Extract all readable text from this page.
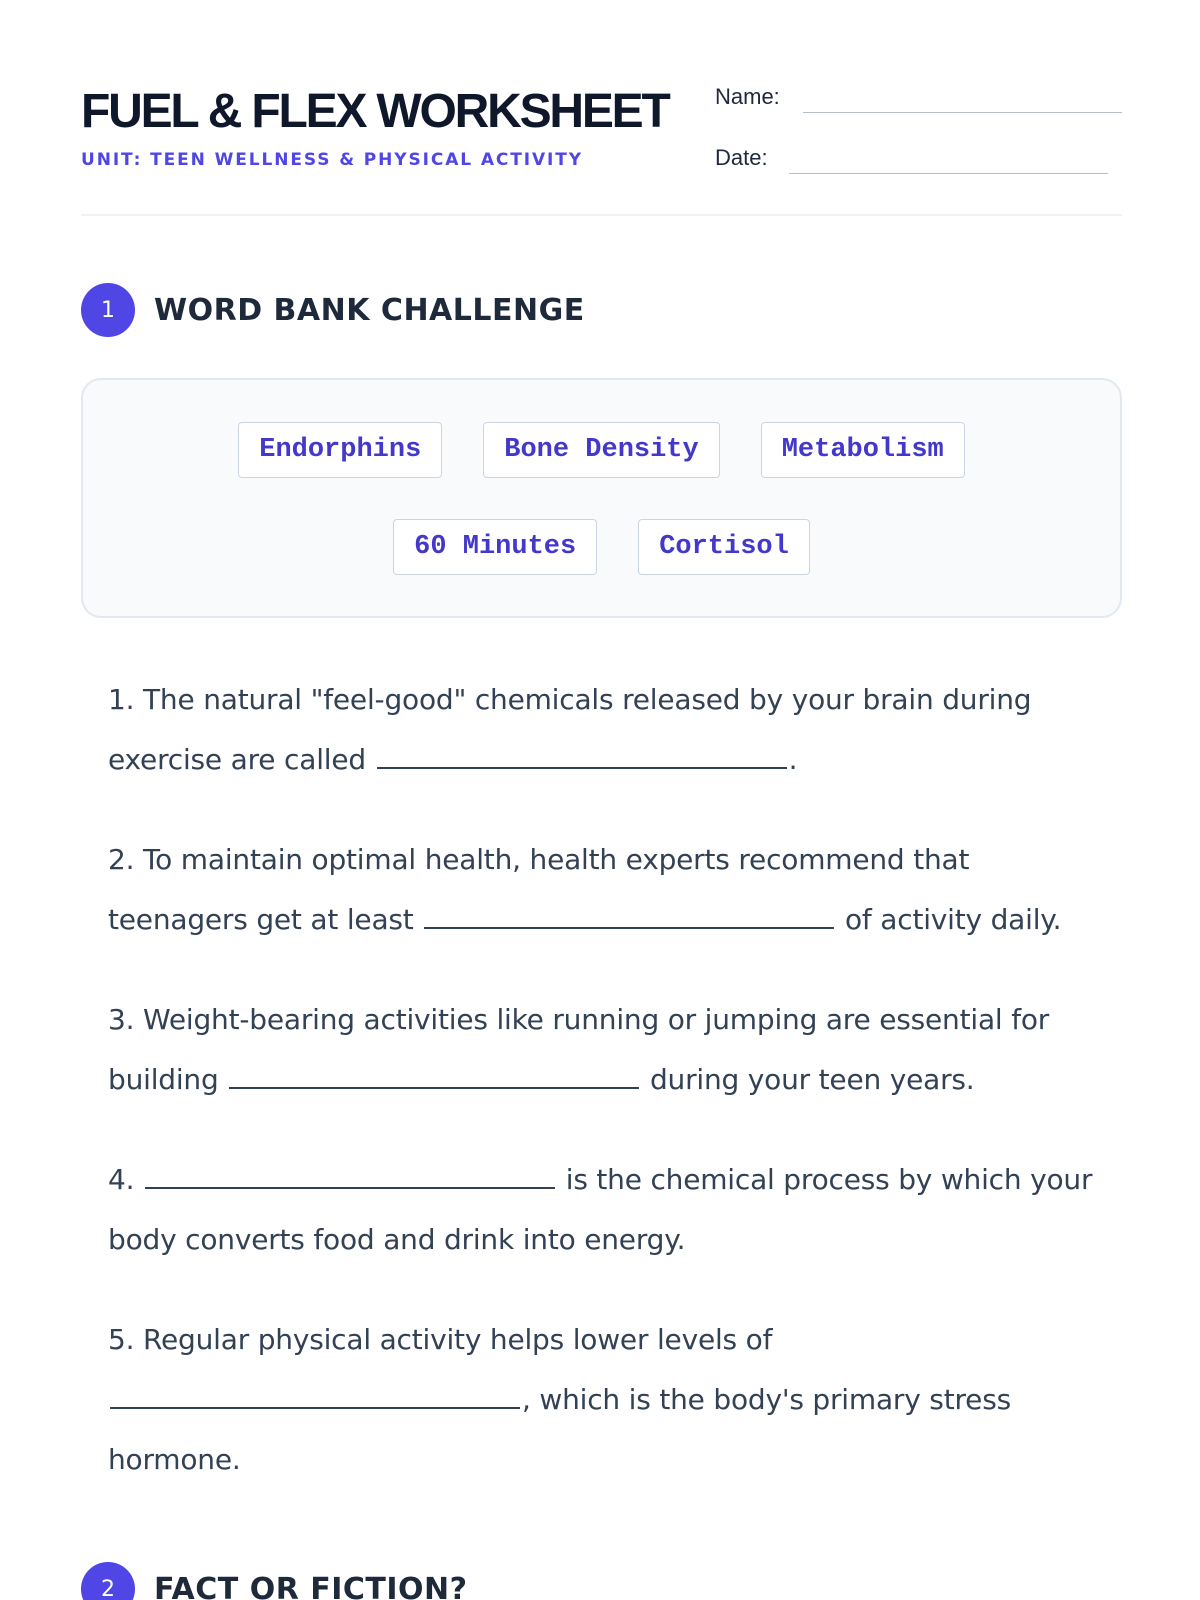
FUEL & FLEX WORKSHEET
UNIT: TEEN WELLNESS & PHYSICAL ACTIVITY
Name:
Date:
1	WORD BANK CHALLENGE
Endorphins	Bone Density	Metabolism
60 Minutes	Cortisol

1. The natural "feel-good" chemicals released by your brain during exercise are called	.

2. To maintain optimal health, health experts recommend that teenagers get at least	of activity daily.

3. Weight-bearing activities like running or jumping are essential for building	during your teen years.

4.	is the chemical process by which your body converts food and drink into energy.

5. Regular physical activity helps lower levels of , which is the body's primary stress hormone.

2	FACT OR FICTION?
